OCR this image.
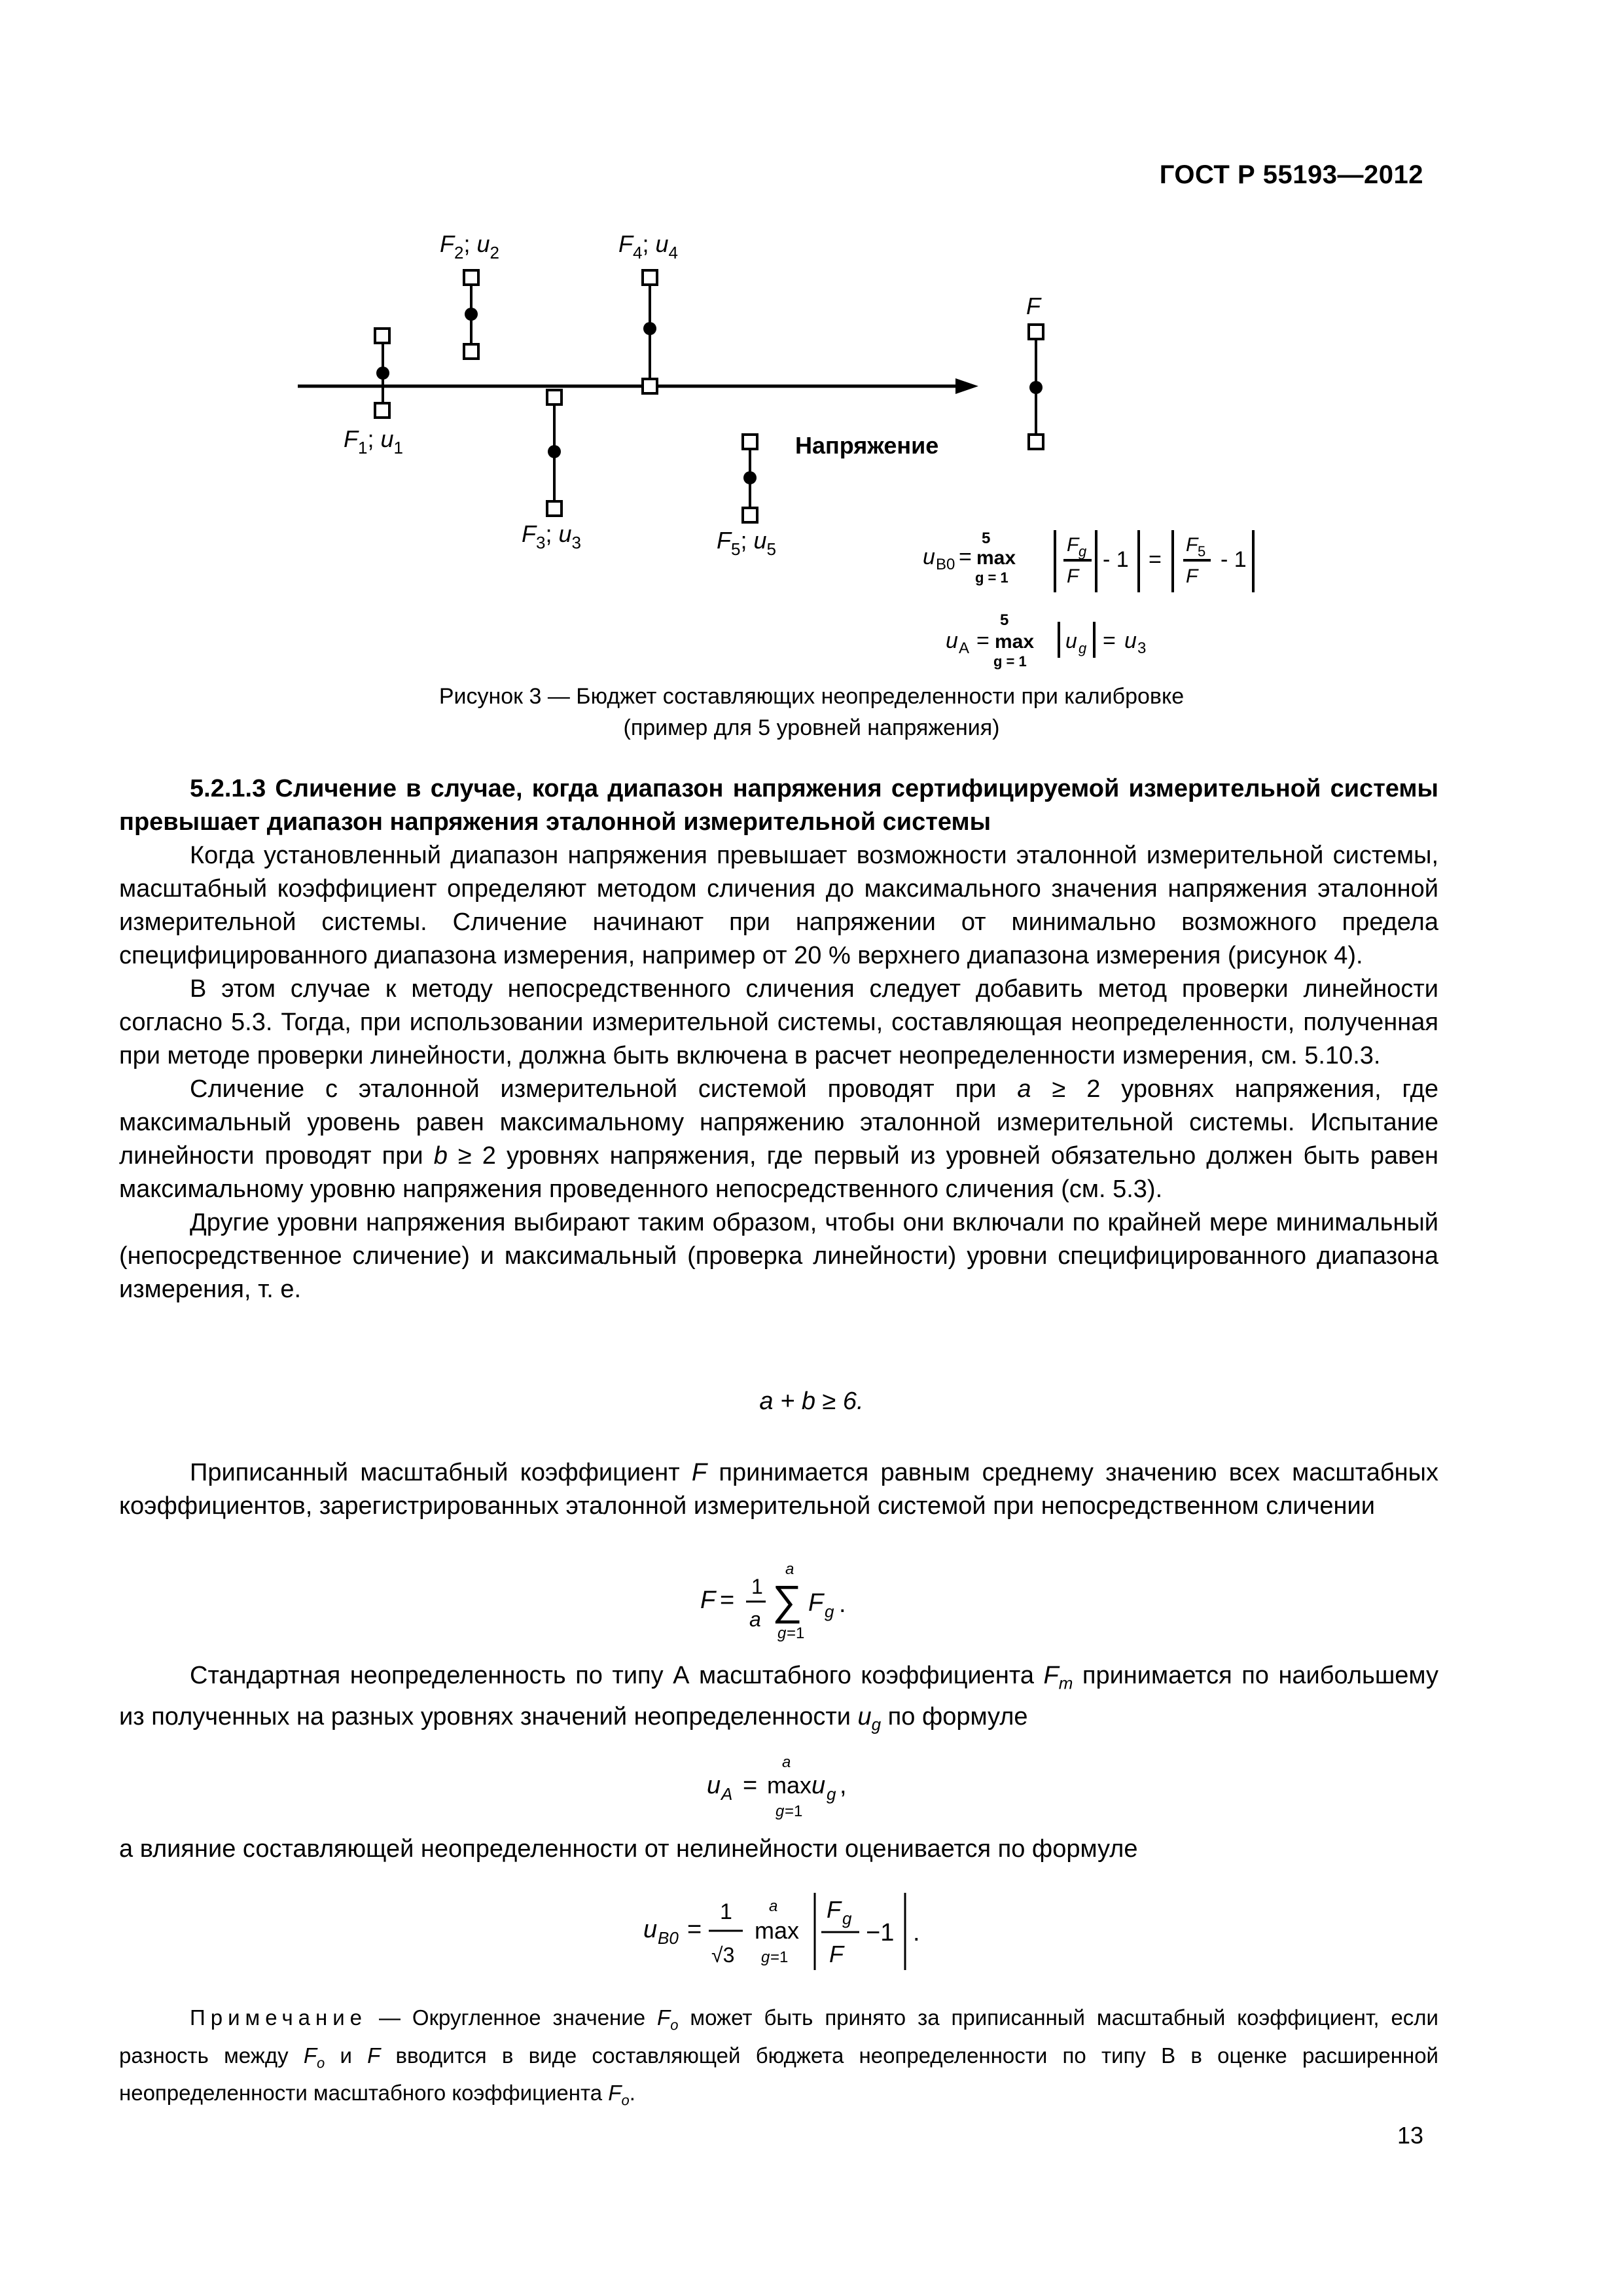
ГОСТ Р 55193—2012
$F_1$; $u_1$
$F_2$; $u_2$
$F_3$; $u_3$
$F_4$; $u_4$
$F_5$; $u_5$
F
Напряжение
u B0 =
5
max
g = 1
F g
F
- 1 =
F 5
F
- 1
u A =
5
max
g = 1
u g = u 3
Рисунок 3 — Бюджет составляющих неопределенности при калибровке
(пример для 5 уровней напряжения)

5.2.1.3 Сличение в случае, когда диапазон напряжения сертифицируемой измерительной системы превышает диапазон напряжения эталонной измерительной системы

Когда установленный диапазон напряжения превышает возможности эталонной измерительной системы, масштабный коэффициент определяют методом сличения до максимального значения напряжения эталонной измерительной системы. Сличение начинают при напряжении от минимально возможного предела специфицированного диапазона измерения, например от 20 % верхнего диапазона измерения (рисунок 4).

В этом случае к методу непосредственного сличения следует добавить метод проверки линейности согласно 5.3. Тогда, при использовании измерительной системы, составляющая неопределенности, полученная при методе проверки линейности, должна быть включена в расчет неопределенности измерения, см. 5.10.3.

Сличение с эталонной измерительной системой проводят при a ≥ 2 уровнях напряжения, где максимальный уровень равен максимальному напряжению эталонной измерительной системы. Испытание линейности проводят при b ≥ 2 уровнях напряжения, где первый из уровней обязательно должен быть равен максимальному уровню напряжения проведенного непосредственного сличения (см. 5.3).

Другие уровни напряжения выбирают таким образом, чтобы они включали по крайней мере минимальный (непосредственное сличение) и максимальный (проверка линейности) уровни специфицированного диапазона измерения, т. е.

a + b ≥ 6.

Приписанный масштабный коэффициент F принимается равным среднему значению всех масштабных коэффициентов, зарегистрированных эталонной измерительной системой при непосредственном сличении

F = 1
a
a
∑
g =1
F g .

Стандартная неопределенность по типу А масштабного коэффициента $F_m$ принимается по наибольшему из полученных на разных уровнях значений неопределенности $u_g$ по формуле

u A =
a
max
g =1
u g ,

а влияние составляющей неопределенности от нелинейности оценивается по формуле

u B0 =
1
√3
a
max
g =1
F g
F
−1 .

Примечание — Округленное значение $F_o$ может быть принято за приписанный масштабный коэффициент, если разность между $F_o$ и F вводится в виде составляющей бюджета неопределенности по типу В в оценке расширенной неопределенности масштабного коэффициента $F_o$.

13
